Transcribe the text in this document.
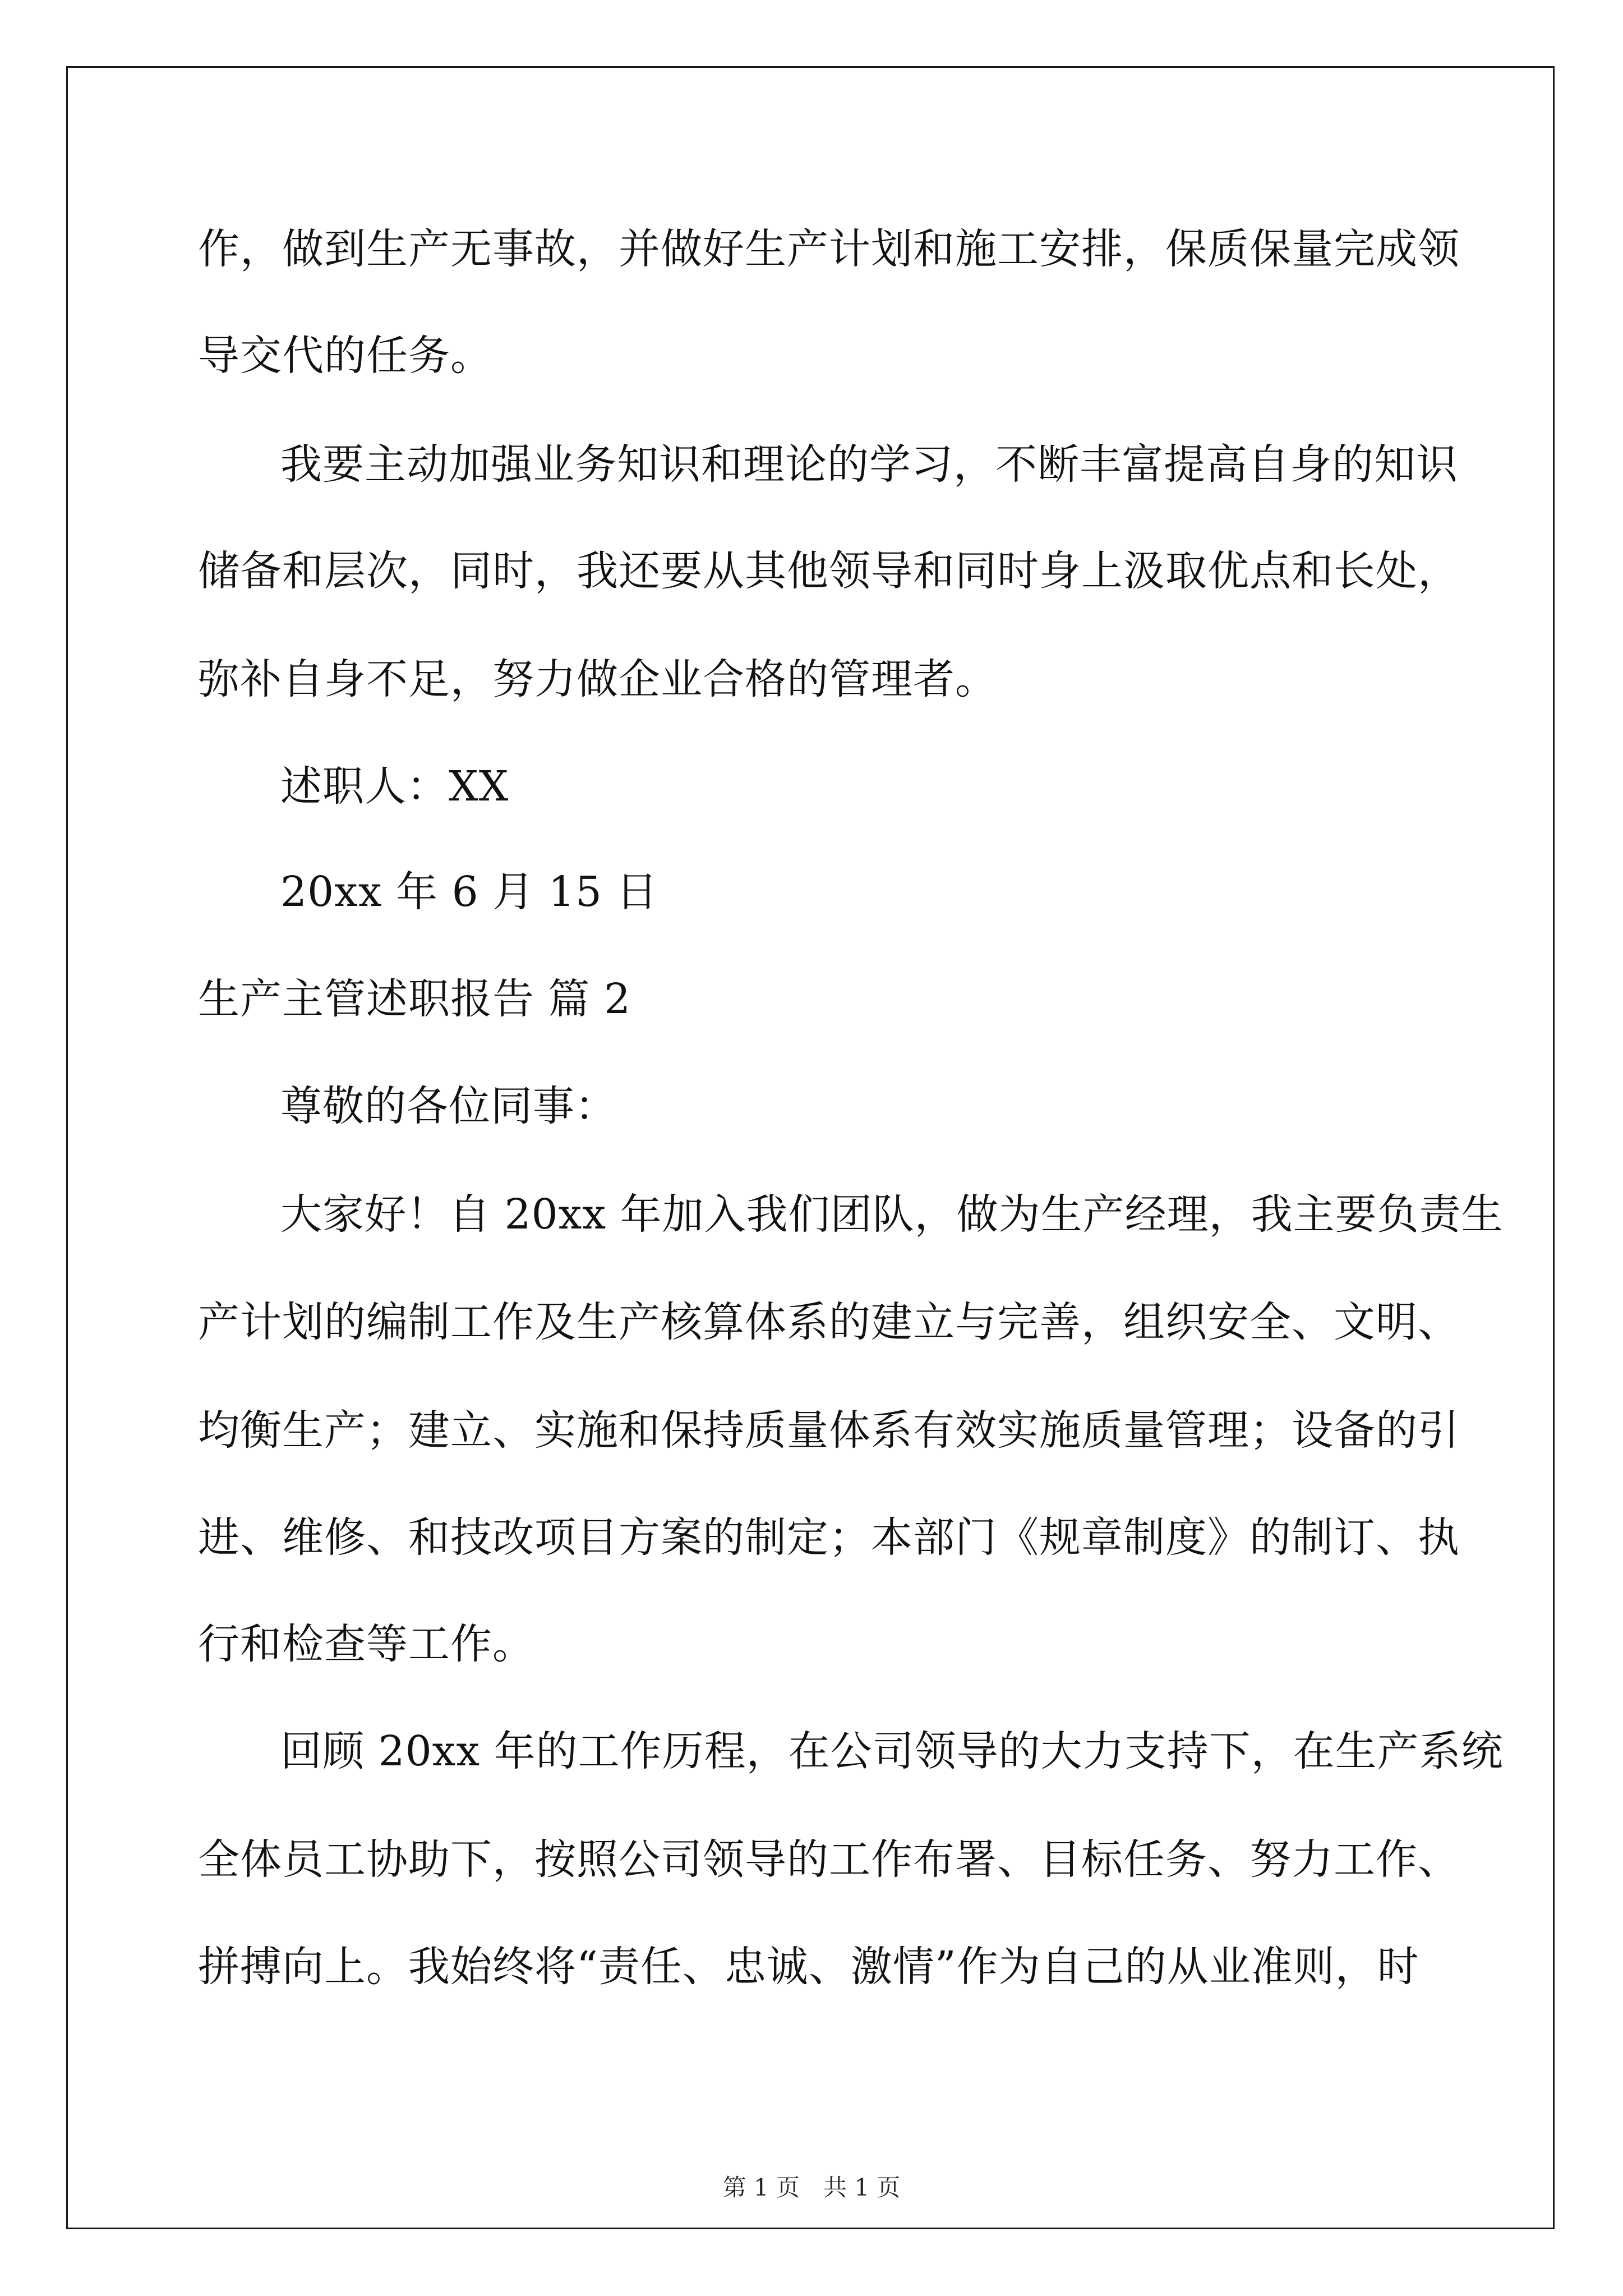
作，做到生产无事故，并做好生产计划和施工安排，保质保量完成领
导交代的任务。
我要主动加强业务知识和理论的学习，不断丰富提高自身的知识
储备和层次，同时，我还要从其他领导和同时身上汲取优点和长处，
弥补自身不足，努力做企业合格的管理者。
述职人：XX
20xx 年 6 月 15 日
生产主管述职报告 篇 2
尊敬的各位同事：
大家好！自 20xx 年加入我们团队，做为生产经理，我主要负责生
产计划的编制工作及生产核算体系的建立与完善，组织安全、文明、
均衡生产；建立、实施和保持质量体系有效实施质量管理；设备的引
进、维修、和技改项目方案的制定；本部门《规章制度》的制订、执
行和检查等工作。
回顾 20xx 年的工作历程，在公司领导的大力支持下，在生产系统
全体员工协助下，按照公司领导的工作布署、目标任务、努力工作、
拼搏向上。我始终将“责任、忠诚、激情”作为自己的从业准则，时
第 1 页　共 1 页
